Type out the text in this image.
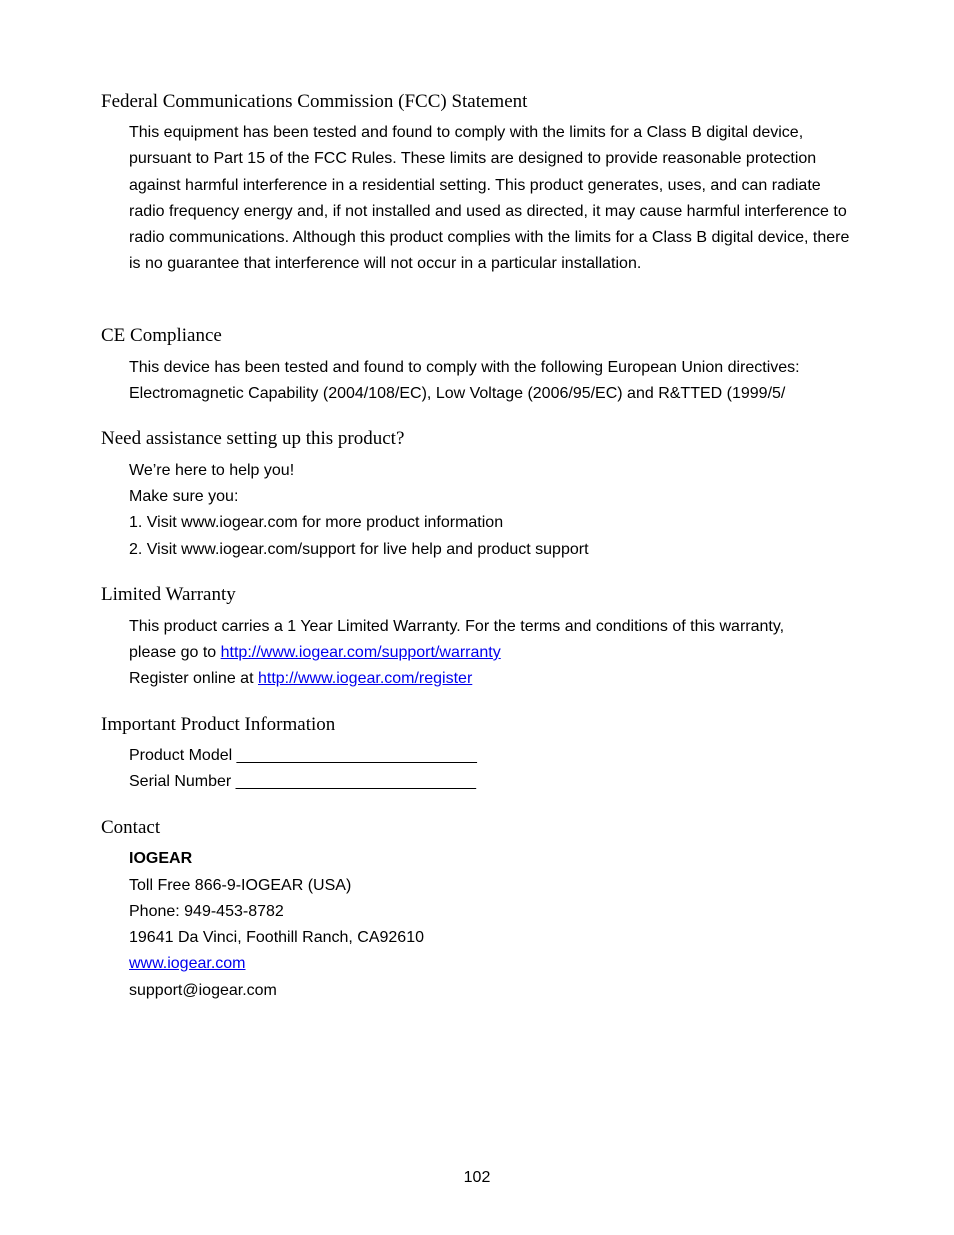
Federal Communications Commission (FCC) Statement

This equipment has been tested and found to comply with the limits for a Class B digital device, pursuant to Part 15 of the FCC Rules. These limits are designed to provide reasonable protection against harmful interference in a residential setting. This product generates, uses, and can radiate radio frequency energy and, if not installed and used as directed, it may cause harmful interference to radio communications. Although this product complies with the limits for a Class B digital device, there is no guarantee that interference will not occur in a particular installation.

CE Compliance

This device has been tested and found to comply with the following European Union directives:

Electromagnetic Capability (2004/108/EC), Low Voltage (2006/95/EC) and R&TTED (1999/5/

Need assistance setting up this product?

We’re here to help you!

Make sure you:

1. Visit www.iogear.com for more product information

2. Visit www.iogear.com/support for live help and product support

Limited Warranty

This product carries a 1 Year Limited Warranty. For the terms and conditions of this warranty,

please go to http://www.iogear.com/support/warranty

Register online at http://www.iogear.com/register

Important Product Information

Product Model ___________________________

Serial Number ___________________________

Contact

IOGEAR

Toll Free 866-9-IOGEAR (USA)

Phone: 949-453-8782

19641 Da Vinci, Foothill Ranch, CA92610

www.iogear.com

support@iogear.com

102
